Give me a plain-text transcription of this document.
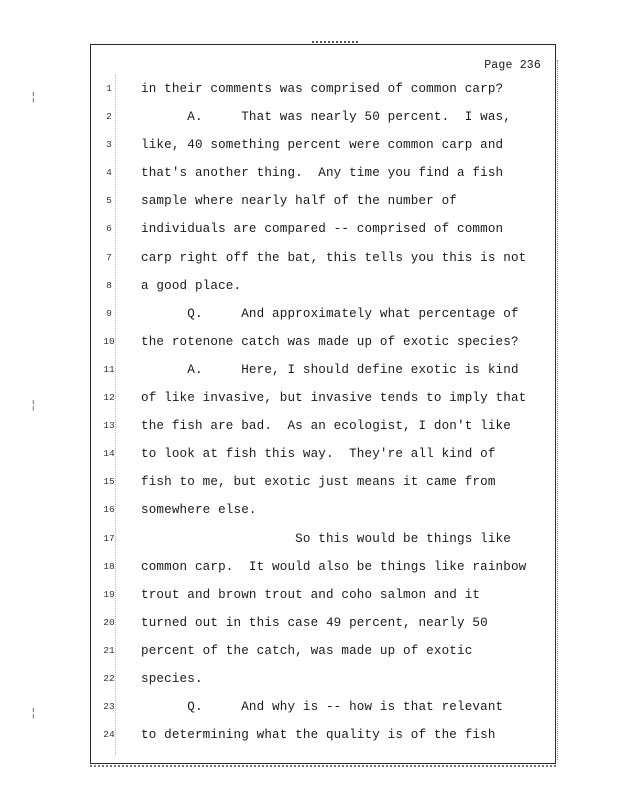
¦
¦
¦
Page 236
1	in their comments was comprised of common carp?
2	A.     That was nearly 50 percent.  I was,
3	like, 40 something percent were common carp and
4	that's another thing.  Any time you find a fish
5	sample where nearly half of the number of
6	individuals are compared -- comprised of common
7	carp right off the bat, this tells you this is not
8	a good place.
9	Q.     And approximately what percentage of
10	the rotenone catch was made up of exotic species?
11	A.     Here, I should define exotic is kind
12	of like invasive, but invasive tends to imply that
13	the fish are bad.  As an ecologist, I don't like
14	to look at fish this way.  They're all kind of
15	fish to me, but exotic just means it came from
16	somewhere else.
17	So this would be things like
18	common carp.  It would also be things like rainbow
19	trout and brown trout and coho salmon and it
20	turned out in this case 49 percent, nearly 50
21	percent of the catch, was made up of exotic
22	species.
23	Q.     And why is -- how is that relevant
24	to determining what the quality is of the fish
